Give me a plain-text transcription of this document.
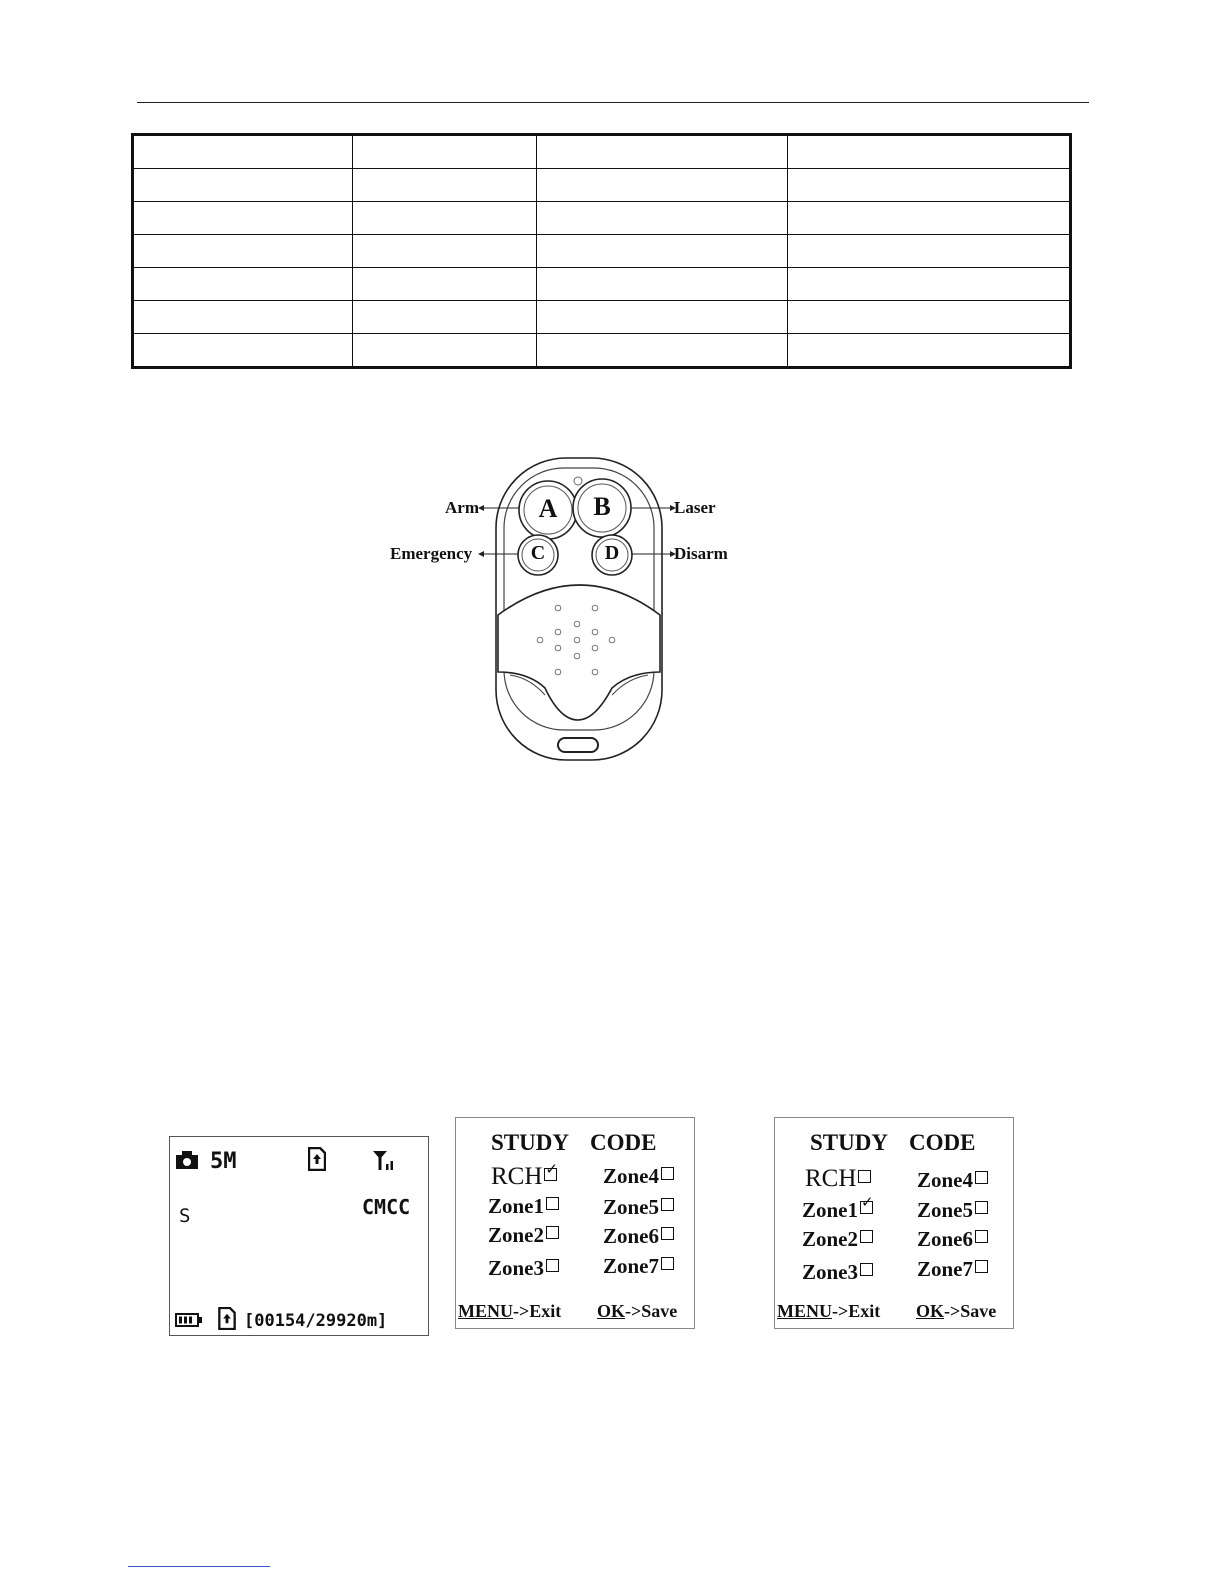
A B
C	D
Arm	Laser
Emergency	Disarm
5M
CMCC
S
[00154/29920m]
STUDY CODE
RCH✓
Zone1
Zone2
Zone3
Zone4
Zone5
Zone6
Zone7
MENU->Exit OK->Save
STUDY CODE
RCH
Zone1✓
Zone2
Zone3
Zone4
Zone5
Zone6
Zone7
MENU->Exit OK->Save
